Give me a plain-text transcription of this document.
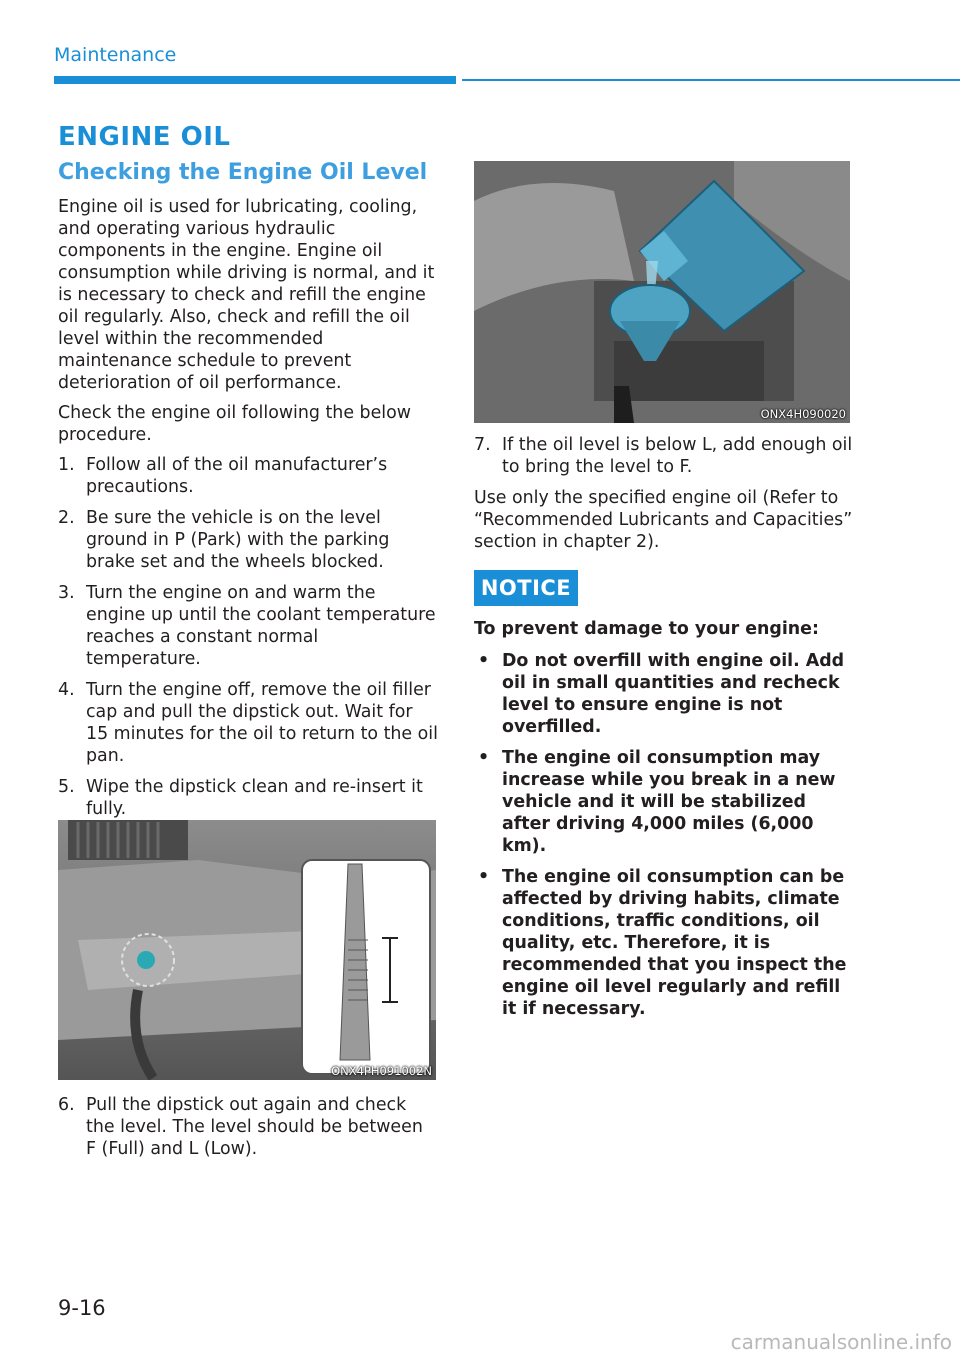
Maintenance
ENGINE OIL
Checking the Engine Oil Level

Engine oil is used for lubricating, cooling, and operating various hydraulic components in the engine. Engine oil consumption while driving is normal, and it is necessary to check and refill the engine oil regularly. Also, check and refill the oil level within the recommended maintenance schedule to prevent deterioration of oil performance.

Check the engine oil following the below procedure.

1. Follow all of the oil manufacturer’s precautions.
2. Be sure the vehicle is on the level ground in P (Park) with the parking brake set and the wheels blocked.
3. Turn the engine on and warm the engine up until the coolant temperature reaches a constant normal temperature.
4. Turn the engine off, remove the oil filler cap and pull the dipstick out. Wait for 15 minutes for the oil to return to the oil pan.
5. Wipe the dipstick clean and re-insert it fully.
ONX4PH091002N
6. Pull the dipstick out again and check the level. The level should be between F (Full) and L (Low).
ONX4H090020
7. If the oil level is below L, add enough oil to bring the level to F.

Use only the specified engine oil (Refer to “Recommended Lubricants and Capacities” section in chapter 2).

NOTICE

To prevent damage to your engine:

• Do not overfill with engine oil. Add oil in small quantities and recheck level to ensure engine is not overfilled.
• The engine oil consumption may increase while you break in a new vehicle and it will be stabilized after driving 4,000 miles (6,000 km).
• The engine oil consumption can be affected by driving habits, climate conditions, traffic conditions, oil quality, etc. Therefore, it is recommended that you inspect the engine oil level regularly and refill it if necessary.
9-16
carmanualsonline.info
